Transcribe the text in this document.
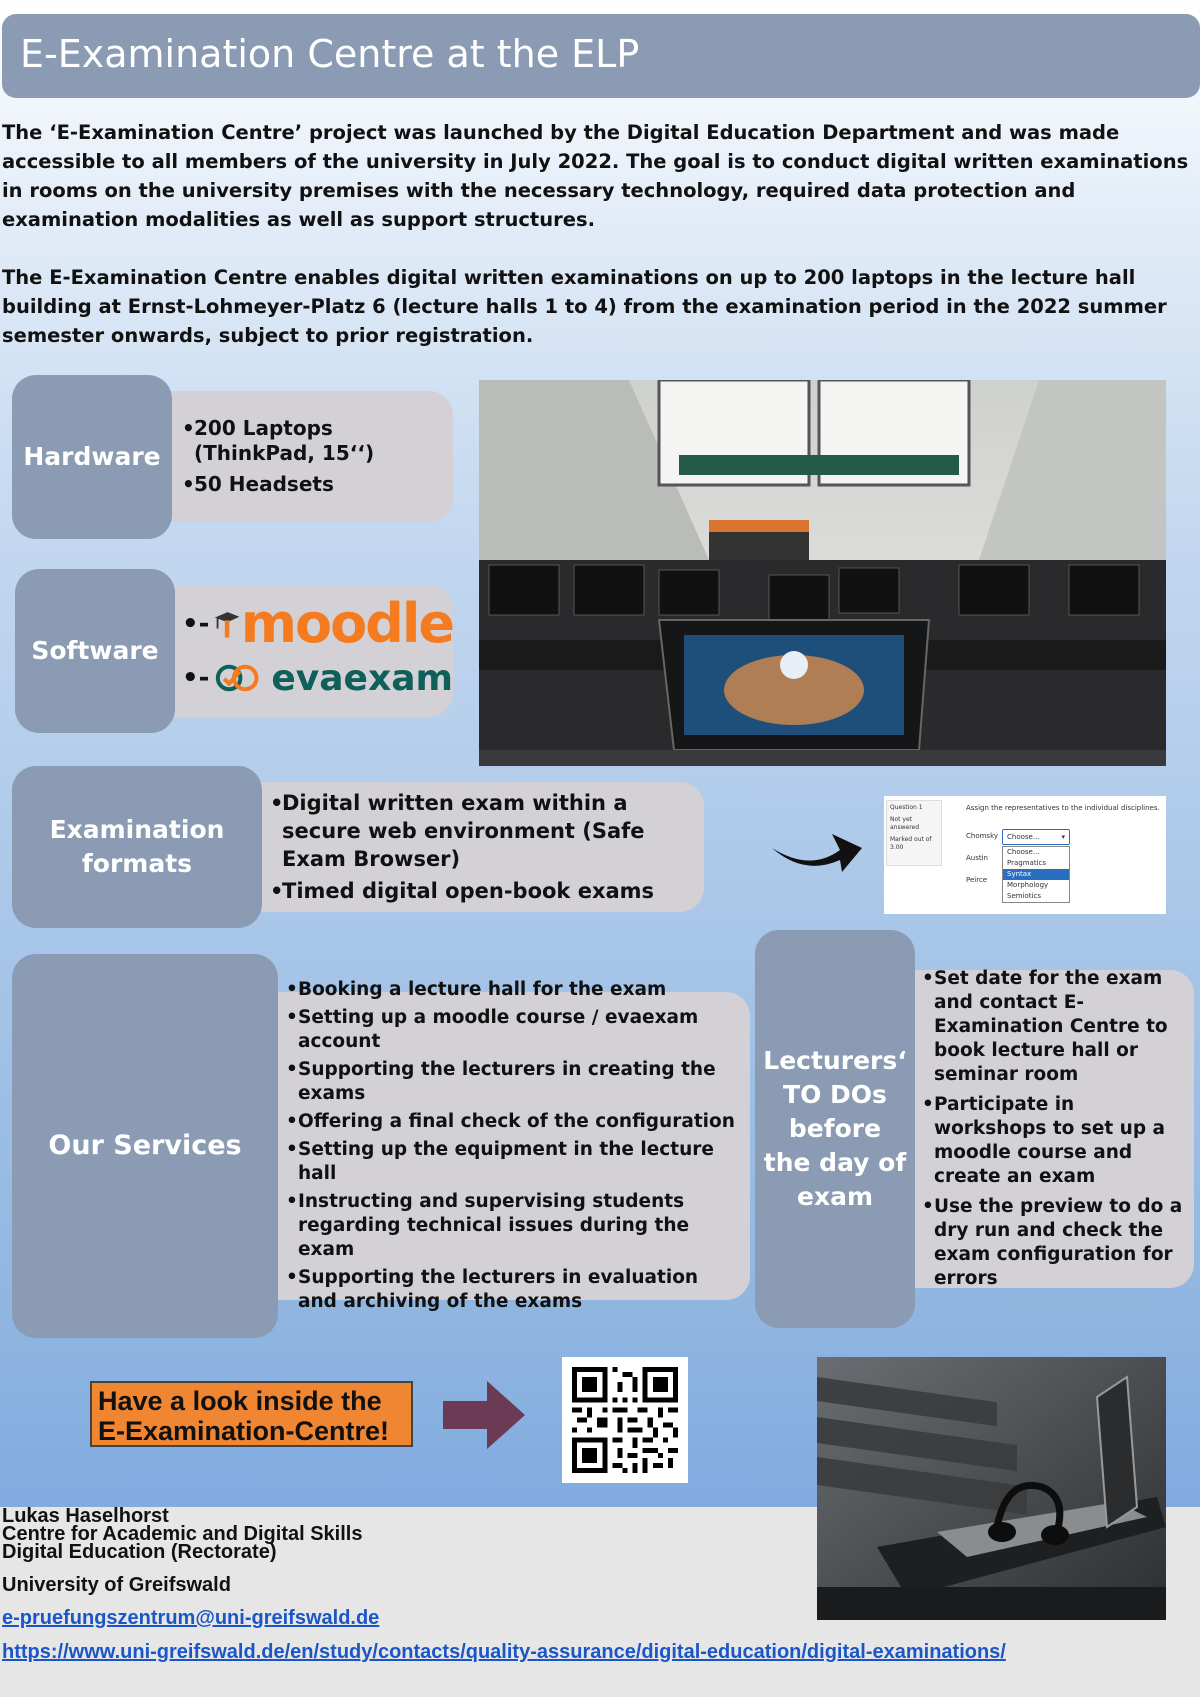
E-Examination Centre at the ELP

The ‘E-Examination Centre’ project was launched by the Digital Education Department and was made accessible to all members of the university in July 2022. The goal is to conduct digital written examinations in rooms on the university premises with the necessary technology, required data protection and examination modalities as well as support structures.

The E-Examination Centre enables digital written examinations on up to 200 laptops in the lecture hall building at Ernst-Lohmeyer-Platz 6 (lecture halls 1 to 4) from the examination period in the 2022 summer semester onwards, subject to prior registration.

Hardware
• 200 Laptops (ThinkPad, 15‘‘)
• 50 Headsets
Software
•- moodle
•- evaexam
Examination formats
• Digital written exam within a secure web environment (Safe Exam Browser)
• Timed digital open-book exams
Question 1
Not yet answered
Marked out of 3.00
Assign the representatives to the individual disciplines.
Chomsky
Austin
Peirce
Choose...	▾
Choose...
Pragmatics
Syntax
Morphology
Semiotics
Our Services
• Booking a lecture hall for the exam
• Setting up a moodle course / evaexam account
• Supporting the lecturers in creating the exams
• Offering a final check of the configuration
• Setting up the equipment in the lecture hall
• Instructing and supervising students regarding technical issues during the exam
• Supporting the lecturers in evaluation and archiving of the exams
Lecturers‘ TO DOs before the day of exam
• Set date for the exam and contact E-Examination Centre to book lecture hall or seminar room
• Participate in workshops to set up a moodle course and create an exam
• Use the preview to do a dry run and check the exam configuration for errors
Have a look inside the E-Examination-Centre!
Lukas Haselhorst
Centre for Academic and Digital Skills
Digital Education (Rectorate)
University of Greifswald
e-pruefungszentrum@uni-greifswald.de
https://www.uni-greifswald.de/en/study/contacts/quality-assurance/digital-education/digital-examinations/
